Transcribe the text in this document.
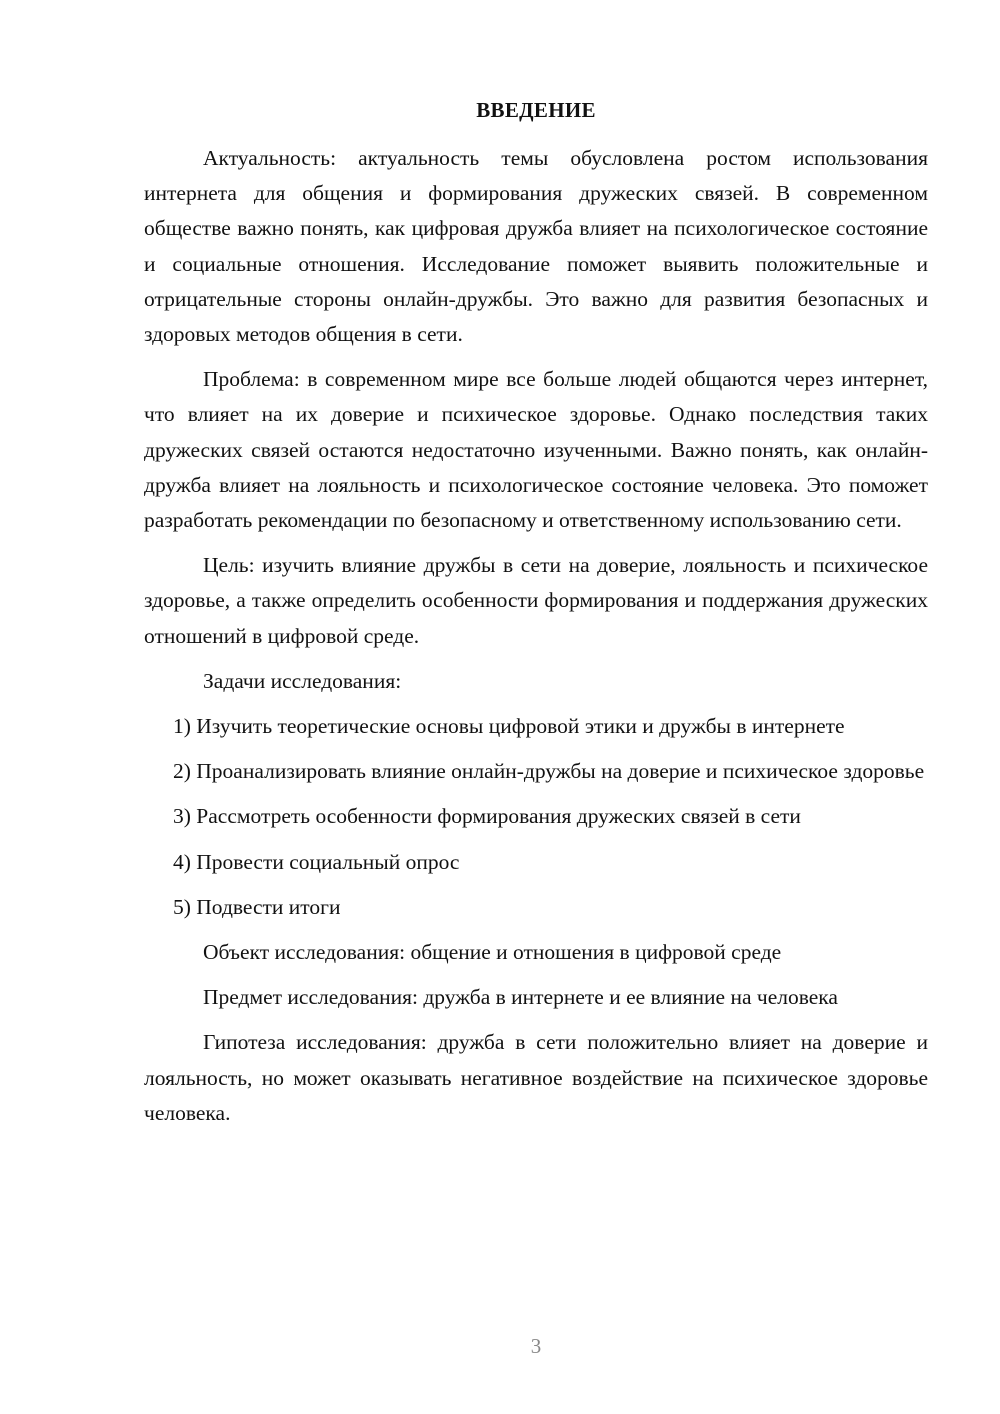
ВВЕДЕНИЕ

Актуальность: актуальность темы обусловлена ростом использования интернета для общения и формирования дружеских связей. В современном обществе важно понять, как цифровая дружба влияет на психологическое состояние и социальные отношения. Исследование поможет выявить положительные и отрицательные стороны онлайн-дружбы. Это важно для развития безопасных и здоровых методов общения в сети.

Проблема: в современном мире все больше людей общаются через интернет, что влияет на их доверие и психическое здоровье. Однако последствия таких дружеских связей остаются недостаточно изученными. Важно понять, как онлайн-дружба влияет на лояльность и психологическое состояние человека. Это поможет разработать рекомендации по безопасному и ответственному использованию сети.

Цель: изучить влияние дружбы в сети на доверие, лояльность и психическое здоровье, а также определить особенности формирования и поддержания дружеских отношений в цифровой среде.

Задачи исследования:

1) Изучить теоретические основы цифровой этики и дружбы в интернете

2) Проанализировать влияние онлайн-дружбы на доверие и психическое здоровье

3) Рассмотреть особенности формирования дружеских связей в сети

4) Провести социальный опрос

5) Подвести итоги

Объект исследования: общение и отношения в цифровой среде

Предмет исследования: дружба в интернете и ее влияние на человека

Гипотеза исследования: дружба в сети положительно влияет на доверие и лояльность, но может оказывать негативное воздействие на психическое здоровье человека.

3
